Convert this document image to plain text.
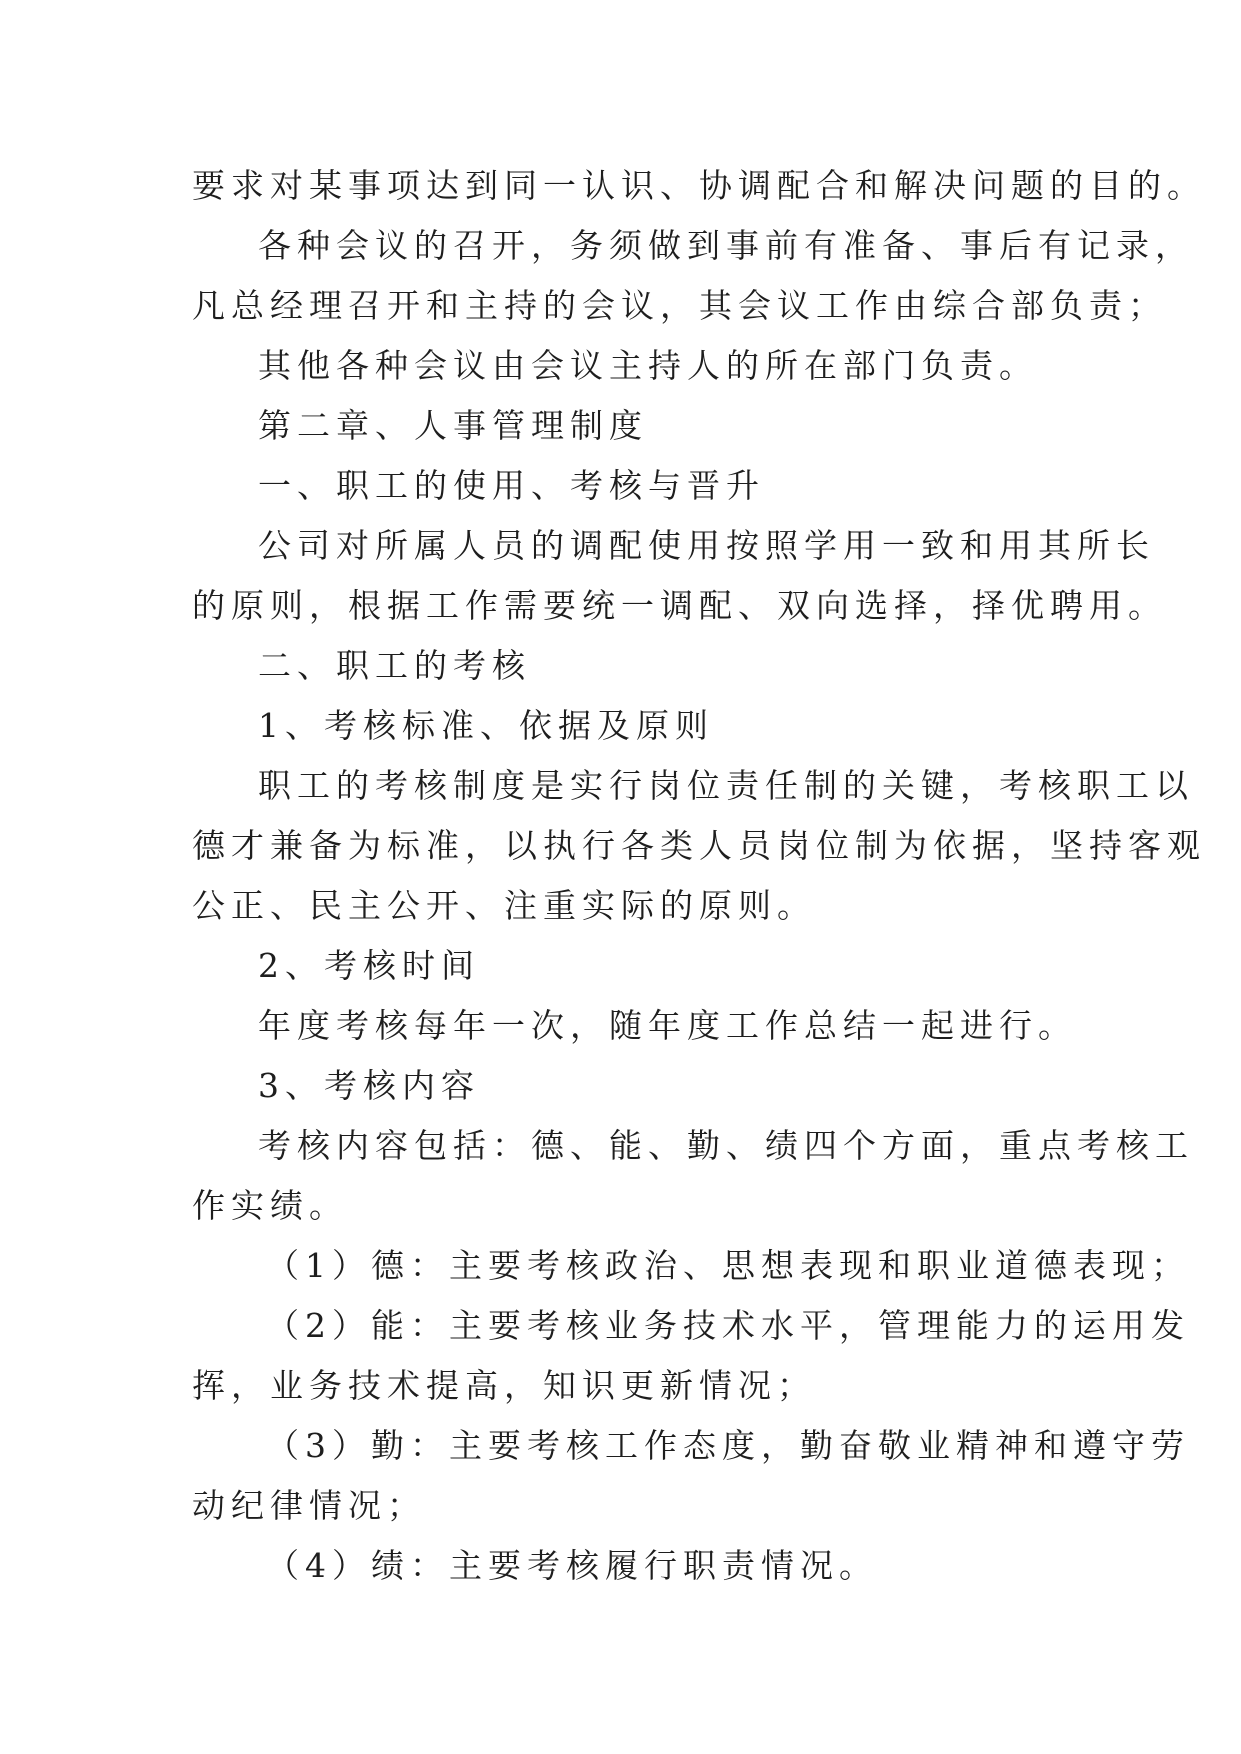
要求对某事项达到同一认识、协调配合和解决问题的目的。
各种会议的召开，务须做到事前有准备、事后有记录，
凡总经理召开和主持的会议，其会议工作由综合部负责；
其他各种会议由会议主持人的所在部门负责。
第二章、人事管理制度
一、职工的使用、考核与晋升
公司对所属人员的调配使用按照学用一致和用其所长
的原则，根据工作需要统一调配、双向选择，择优聘用。
二、职工的考核
1、考核标准、依据及原则
职工的考核制度是实行岗位责任制的关键，考核职工以
德才兼备为标准，以执行各类人员岗位制为依据，坚持客观
公正、民主公开、注重实际的原则。
2、考核时间
年度考核每年一次，随年度工作总结一起进行。
3、考核内容
考核内容包括：德、能、勤、绩四个方面，重点考核工
作实绩。
（1）德：主要考核政治、思想表现和职业道德表现；
（2）能：主要考核业务技术水平，管理能力的运用发
挥，业务技术提高，知识更新情况；
（3）勤：主要考核工作态度，勤奋敬业精神和遵守劳
动纪律情况；
（4）绩：主要考核履行职责情况。
